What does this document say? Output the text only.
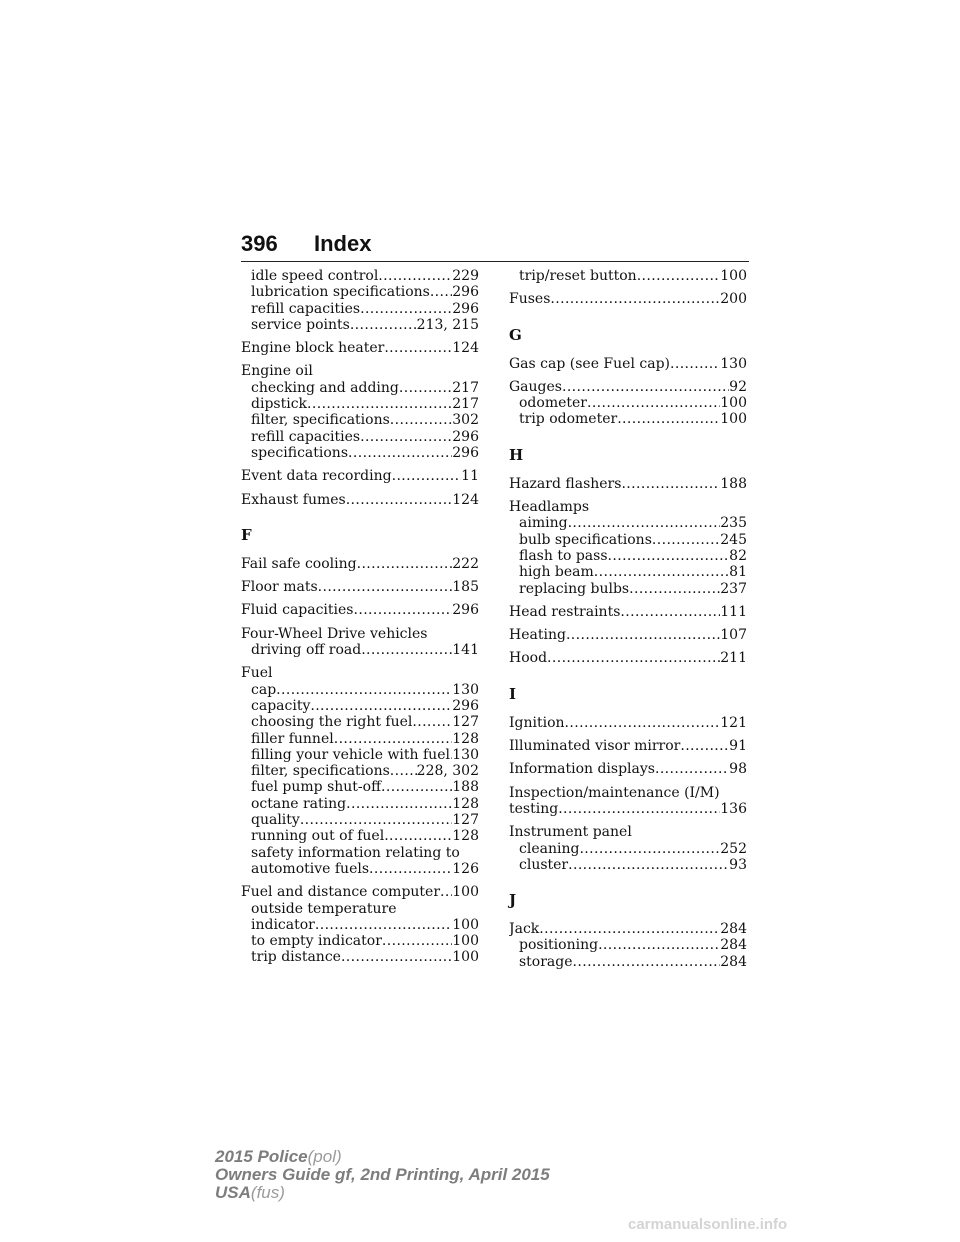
396 Index
idle speed control .....	229
lubrication specifications ..... 296
refill capacities .....	296
service points .....	213, 215
Engine block heater .....	124
Engine oil
checking and adding .....	217
dipstick .....	217
filter, specifications .....	302
refill capacities .....	296
specifications .....	296
Event data recording .....	11
Exhaust fumes .....	124
F
Fail safe cooling .....	222
Floor mats .....	185
Fluid capacities .....	296
Four-Wheel Drive vehicles
driving off road .....	141
Fuel
cap .....	130
capacity .....	296
choosing the right fuel .....	127
filler funnel .....	128
filling your vehicle with fuel ..... 130
filter, specifications ..... 228, 302
fuel pump shut-off .....	188
octane rating .....	128
quality .....	127
running out of fuel .....	128
safety information relating to
automotive fuels .....	126
Fuel and distance computer ..... 100
outside temperature
indicator .....	100
to empty indicator .....	100
trip distance .....	100
trip/reset button .....	100
Fuses .....	200
G
Gas cap (see Fuel cap) .....	130
Gauges .....	92
odometer .....	100
trip odometer .....	100
H
Hazard flashers .....	188
Headlamps
aiming .....	235
bulb specifications .....	245
flash to pass .....	82
high beam .....	81
replacing bulbs .....	237
Head restraints .....	111
Heating .....	107
Hood .....	211
I
Ignition .....	121
Illuminated visor mirror .....	91
Information displays .....	98
Inspection/maintenance (I/M)
testing .....	136
Instrument panel
cleaning .....	252
cluster .....	93
J
Jack .....	284
positioning .....	284
storage .....	284
2015 Police(pol)
Owners Guide gf, 2nd Printing, April 2015
USA(fus)
carmanualsonline.info
